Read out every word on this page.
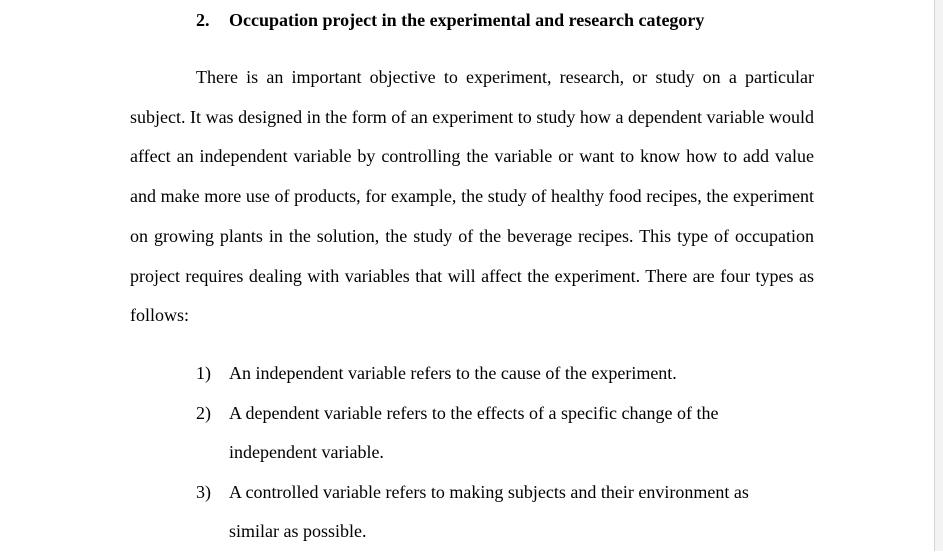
2. Occupation project in the experimental and research category

There is an important objective to experiment, research, or study on a particular subject. It was designed in the form of an experiment to study how a dependent variable would affect an independent variable by controlling the variable or want to know how to add value and make more use of products, for example, the study of healthy food recipes, the experiment on growing plants in the solution, the study of the beverage recipes. This type of occupation project requires dealing with variables that will affect the experiment. There are four types as follows:

1) An independent variable refers to the cause of the experiment.
2) A dependent variable refers to the effects of a specific change of the independent variable.
3) A controlled variable refers to making subjects and their environment as similar as possible.
